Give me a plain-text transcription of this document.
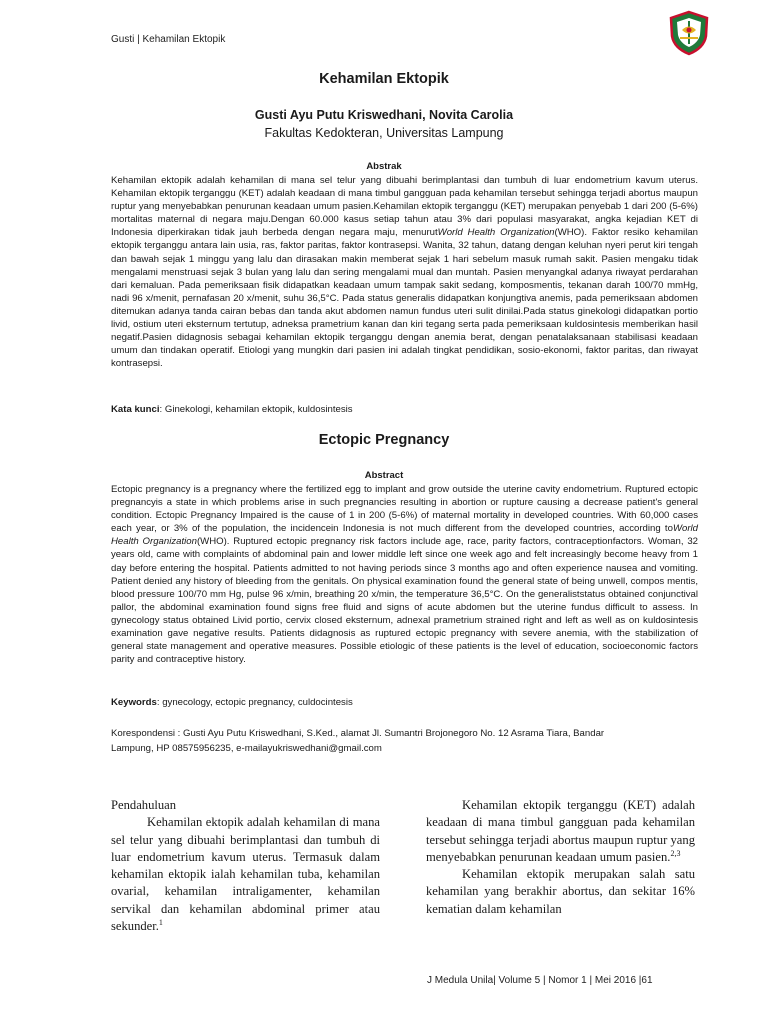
Gusti | Kehamilan Ektopik
Kehamilan Ektopik
Gusti Ayu Putu Kriswedhani, Novita Carolia
Fakultas Kedokteran, Universitas Lampung
Abstrak
Kehamilan ektopik adalah kehamilan di mana sel telur yang dibuahi berimplantasi dan tumbuh di luar endometrium kavum uterus. Kehamilan ektopik terganggu (KET) adalah keadaan di mana timbul gangguan pada kehamilan tersebut sehingga terjadi abortus maupun ruptur yang menyebabkan penurunan keadaan umum pasien.Kehamilan ektopik terganggu (KET) merupakan penyebab 1 dari 200 (5-6%) mortalitas maternal di negara maju.Dengan 60.000 kasus setiap tahun atau 3% dari populasi masyarakat, angka kejadian KET di Indonesia diperkirakan tidak jauh berbeda dengan negara maju, menurutWorld Health Organization(WHO). Faktor resiko kehamilan ektopik terganggu antara lain usia, ras, faktor paritas, faktor kontrasepsi. Wanita, 32 tahun, datang dengan keluhan nyeri perut kiri tengah dan bawah sejak 1 minggu yang lalu dan dirasakan makin memberat sejak 1 hari sebelum masuk rumah sakit. Pasien mengaku tidak mengalami menstruasi sejak 3 bulan yang lalu dan sering mengalami mual dan muntah. Pasien menyangkal adanya riwayat perdarahan dari kemaluan. Pada pemeriksaan fisik didapatkan keadaan umum tampak sakit sedang, komposmentis, tekanan darah 100/70 mmHg, nadi 96 x/menit, pernafasan 20 x/menit, suhu 36,5°C. Pada status generalis didapatkan konjungtiva anemis, pada pemeriksaan abdomen ditemukan adanya tanda cairan bebas dan tanda akut abdomen namun fundus uteri sulit dinilai.Pada status ginekologi didapatkan portio livid, ostium uteri eksternum tertutup, adneksa prametrium kanan dan kiri tegang serta pada pemeriksaan kuldosintesis memberikan hasil negatif.Pasien didagnosis sebagai kehamilan ektopik terganggu dengan anemia berat, dengan penatalaksanaan stabilisasi keadaan umum dan tindakan operatif. Etiologi yang mungkin dari pasien ini adalah tingkat pendidikan, sosio-ekonomi, faktor paritas, dan riwayat kontrasepsi.
Kata kunci: Ginekologi, kehamilan ektopik, kuldosintesis
Ectopic Pregnancy
Abstract
Ectopic pregnancy is a pregnancy where the fertilized egg to implant and grow outside the uterine cavity endometrium. Ruptured ectopic pregnancyis a state in which problems arise in such pregnancies resulting in abortion or rupture causing a decrease patient's general condition. Ectopic Pregnancy Impaired is the cause of 1 in 200 (5-6%) of maternal mortality in developed countries. With 60,000 cases each year, or 3% of the population, the incidencein Indonesia is not much different from the developed countries, according toWorld Health Organization(WHO). Ruptured ectopic pregnancy risk factors include age, race, parity factors, contraceptionfactors. Woman, 32 years old, came with complaints of abdominal pain and lower middle left since one week ago and felt increasingly become heavy from 1 day before entering the hospital. Patients admitted to not having periods since 3 months ago and often experience nausea and vomiting. Patient denied any history of bleeding from the genitals. On physical examination found the general state of being unwell, compos mentis, blood pressure 100/70 mm Hg, pulse 96 x/min, breathing 20 x/min, the temperature 36,5°C. On the generaliststatus obtained conjunctival pallor, the abdominal examination found signs free fluid and signs of acute abdomen but the uterine fundus difficult to assess. In gynecology status obtained Livid portio, cervix closed eksternum, adnexal prametrium strained right and left as well as on kuldosintesis examination gave negative results. Patients didagnosis as ruptured ectopic pregnancy with severe anemia, with the stabilization of general state management and operative measures. Possible etiologic of these patients is the level of education, socioeconomic factors parity and contraceptive history.
Keywords: gynecology, ectopic pregnancy, culdocintesis
Korespondensi : Gusti Ayu Putu Kriswedhani, S.Ked., alamat Jl. Sumantri Brojonegoro No. 12 Asrama Tiara, Bandar Lampung, HP 08575956235, e-mailayukriswedhani@gmail.com

Pendahuluan

Kehamilan ektopik adalah kehamilan di mana sel telur yang dibuahi berimplantasi dan tumbuh di luar endometrium kavum uterus. Termasuk dalam kehamilan ektopik ialah kehamilan tuba, kehamilan ovarial, kehamilan intraligamenter, kehamilan servikal dan kehamilan abdominal primer atau sekunder.$^1$

Kehamilan ektopik terganggu (KET) adalah keadaan di mana timbul gangguan pada kehamilan tersebut sehingga terjadi abortus maupun ruptur yang menyebabkan penurunan keadaan umum pasien.$^{2,3}$

Kehamilan ektopik merupakan salah satu kehamilan yang berakhir abortus, dan sekitar 16% kematian dalam kehamilan

J Medula Unila| Volume 5 | Nomor 1 | Mei 2016 |61
